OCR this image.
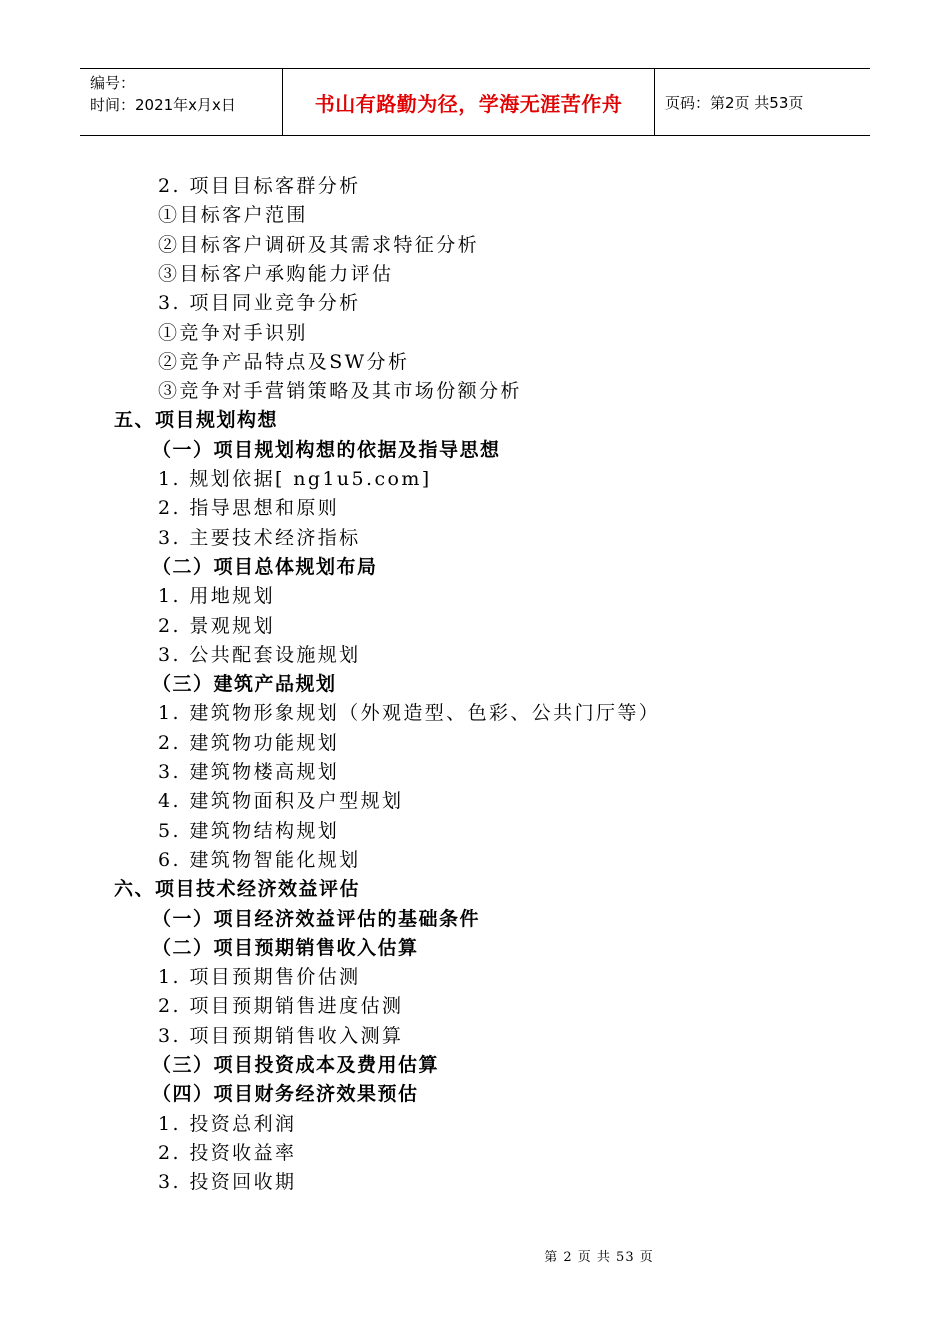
编号：
时间：2021年x月x日	书山有路勤为径，学海无涯苦作舟	页码：第2页 共53页
2. 项目目标客群分析
①目标客户范围
②目标客户调研及其需求特征分析
③目标客户承购能力评估
3. 项目同业竞争分析
①竞争对手识别
②竞争产品特点及SW分析
③竞争对手营销策略及其市场份额分析
五、项目规划构想
（一）项目规划构想的依据及指导思想
1. 规划依据[ ng1u5.com]
2. 指导思想和原则
3. 主要技术经济指标
（二）项目总体规划布局
1. 用地规划
2. 景观规划
3. 公共配套设施规划
（三）建筑产品规划
1. 建筑物形象规划（外观造型、色彩、公共门厅等）
2. 建筑物功能规划
3. 建筑物楼高规划
4. 建筑物面积及户型规划
5. 建筑物结构规划
6. 建筑物智能化规划
六、项目技术经济效益评估
（一）项目经济效益评估的基础条件
（二）项目预期销售收入估算
1. 项目预期售价估测
2. 项目预期销售进度估测
3. 项目预期销售收入测算
（三）项目投资成本及费用估算
（四）项目财务经济效果预估
1. 投资总利润
2. 投资收益率
3. 投资回收期
第 2 页 共 53 页
